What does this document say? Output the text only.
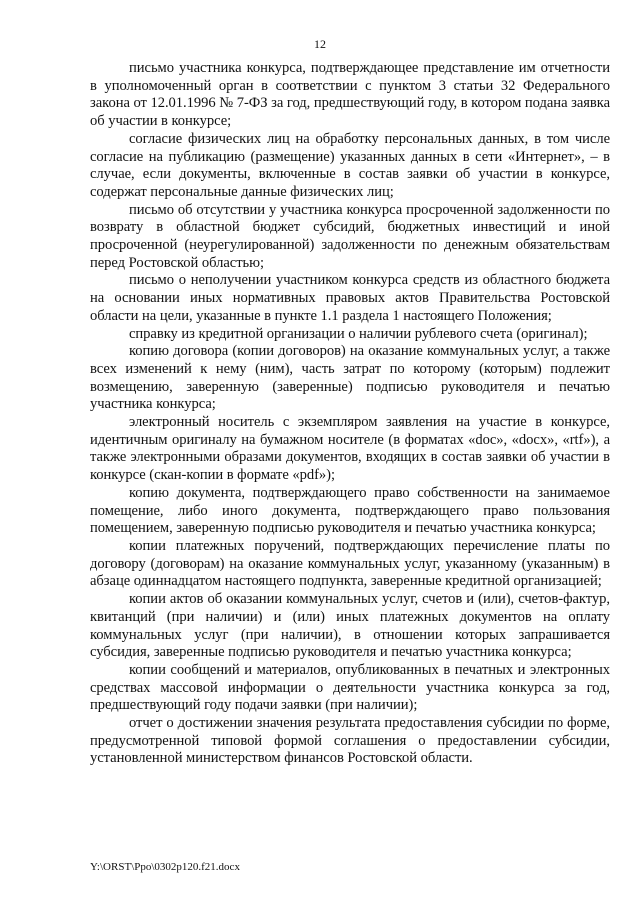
12

письмо участника конкурса, подтверждающее представление им отчетности в уполномоченный орган в соответствии с пунктом 3 статьи 32 Федерального закона от 12.01.1996 № 7-ФЗ за год, предшествующий году, в котором подана заявка об участии в конкурсе;

согласие физических лиц на обработку персональных данных, в том числе согласие на публикацию (размещение) указанных данных в сети «Интернет», – в случае, если документы, включенные в состав заявки об участии в конкурсе, содержат персональные данные физических лиц;

письмо об отсутствии у участника конкурса просроченной задолженности по возврату в областной бюджет субсидий, бюджетных инвестиций и иной просроченной (неурегулированной) задолженности по денежным обязательствам перед Ростовской областью;

письмо о неполучении участником конкурса средств из областного бюджета на основании иных нормативных правовых актов Правительства Ростовской области на цели, указанные в пункте 1.1 раздела 1 настоящего Положения;

справку из кредитной организации о наличии рублевого счета (оригинал);

копию договора (копии договоров) на оказание коммунальных услуг, а также всех изменений к нему (ним), часть затрат по которому (которым) подлежит возмещению, заверенную (заверенные) подписью руководителя и печатью участника конкурса;

электронный носитель с экземпляром заявления на участие в конкурсе, идентичным оригиналу на бумажном носителе (в форматах «doc», «docx», «rtf»), а также электронными образами документов, входящих в состав заявки об участии в конкурсе (скан-копии в формате «pdf»);

копию документа, подтверждающего право собственности на занимаемое помещение, либо иного документа, подтверждающего право пользования помещением, заверенную подписью руководителя и печатью участника конкурса;

копии платежных поручений, подтверждающих перечисление платы по договору (договорам) на оказание коммунальных услуг, указанному (указанным) в абзаце одиннадцатом настоящего подпункта, заверенные кредитной организацией;

копии актов об оказании коммунальных услуг, счетов и (или), счетов-фактур, квитанций (при наличии) и (или) иных платежных документов на оплату коммунальных услуг (при наличии), в отношении которых запрашивается субсидия, заверенные подписью руководителя и печатью участника конкурса;

копии сообщений и материалов, опубликованных в печатных и электронных средствах массовой информации о деятельности участника конкурса за год, предшествующий году подачи заявки (при наличии);

отчет о достижении значения результата предоставления субсидии по форме, предусмотренной типовой формой соглашения о предоставлении субсидии, установленной министерством финансов Ростовской области.

Y:\ORST\Ppo\0302p120.f21.docx
